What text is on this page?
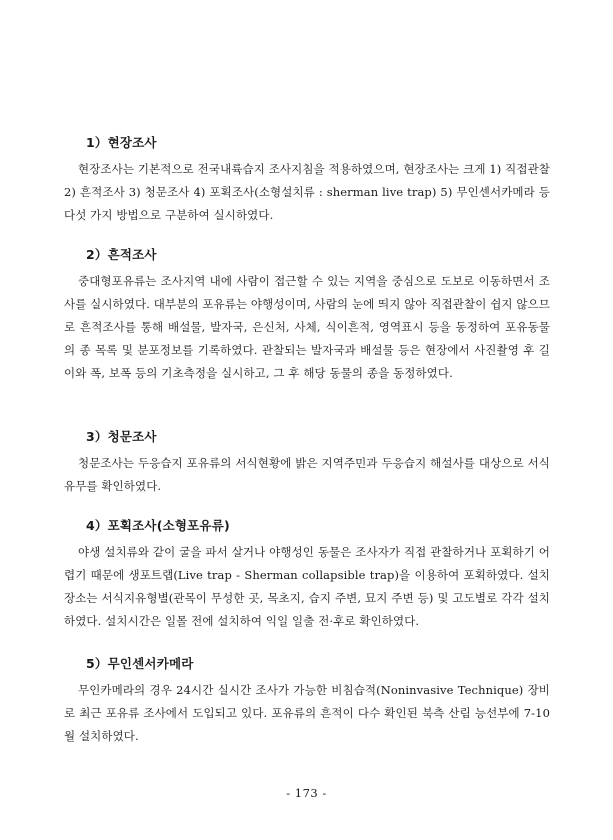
1）현장조사

현장조사는 기본적으로 전국내륙습지 조사지침을 적용하였으며, 현장조사는 크게 1) 직접관찰 2) 흔적조사 3) 청문조사 4) 포획조사(소형설치류 : sherman live trap) 5) 무인센서카메라 등 다섯 가지 방법으로 구분하여 실시하였다.

2）흔적조사

중대형포유류는 조사지역 내에 사람이 접근할 수 있는 지역을 중심으로 도보로 이동하면서 조사를 실시하였다. 대부분의 포유류는 야행성이며, 사람의 눈에 띄지 않아 직접관찰이 쉽지 않으므로 흔적조사를 통해 배설물, 발자국, 은신처, 사체, 식이흔적, 영역표시 등을 동정하여 포유동물의 종 목록 및 분포정보를 기록하였다. 관찰되는 발자국과 배설물 등은 현장에서 사진촬영 후 길이와 폭, 보폭 등의 기초측정을 실시하고, 그 후 해당 동물의 종을 동정하였다.

3）청문조사

청문조사는 두응습지 포유류의 서식현황에 밝은 지역주민과 두응습지 해설사를 대상으로 서식유무를 확인하였다.

4）포획조사(소형포유류)

야생 설치류와 같이 굴을 파서 살거나 야행성인 동물은 조사자가 직접 관찰하거나 포획하기 어렵기 때문에 생포트랩(Live trap - Sherman collapsible trap)을 이용하여 포획하였다. 설치장소는 서식지유형별(관목이 무성한 곳, 목초지, 습지 주변, 묘지 주변 등) 및 고도별로 각각 설치하였다. 설치시간은 일몰 전에 설치하여 익일 일출 전·후로 확인하였다.

5）무인센서카메라

무인카메라의 경우 24시간 실시간 조사가 가능한 비침습적(Noninvasive Technique) 장비로 최근 포유류 조사에서 도입되고 있다. 포유류의 흔적이 다수 확인된 북측 산림 능선부에 7-10월 설치하였다.

- 173 -
